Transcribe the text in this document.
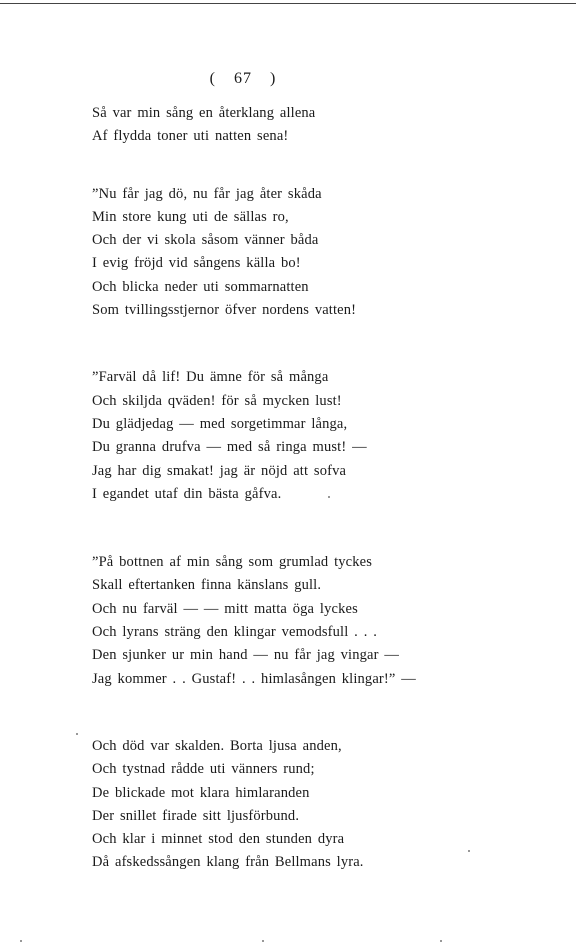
( 67 )
Så var min sång en återklang allena
Af flydda toner uti natten sena!
”Nu får jag dö, nu får jag åter skåda
Min store kung uti de sällas ro,
Och der vi skola såsom vänner båda
I evig fröjd vid sångens källa bo!
Och blicka neder uti sommarnatten
Som tvillingsstjernor öfver nordens vatten!
”Farväl då lif! Du ämne för så många
Och skiljda qväden! för så mycken lust!
Du glädjedag — med sorgetimmar långa,
Du granna drufva — med så ringa must! —
Jag har dig smakat! jag är nöjd att sofva
I egandet utaf din bästa gåfva.
”På bottnen af min sång som grumlad tyckes
Skall eftertanken finna känslans gull.
Och nu farväl — — mitt matta öga lyckes
Och lyrans sträng den klingar vemodsfull . . .
Den sjunker ur min hand — nu får jag vingar —
Jag kommer . . Gustaf! . . himlasången klingar!” —
Och död var skalden. Borta ljusa anden,
Och tystnad rådde uti vänners rund;
De blickade mot klara himlaranden
Der snillet firade sitt ljusförbund.
Och klar i minnet stod den stunden dyra
Då afskedssången klang från Bellmans lyra.
